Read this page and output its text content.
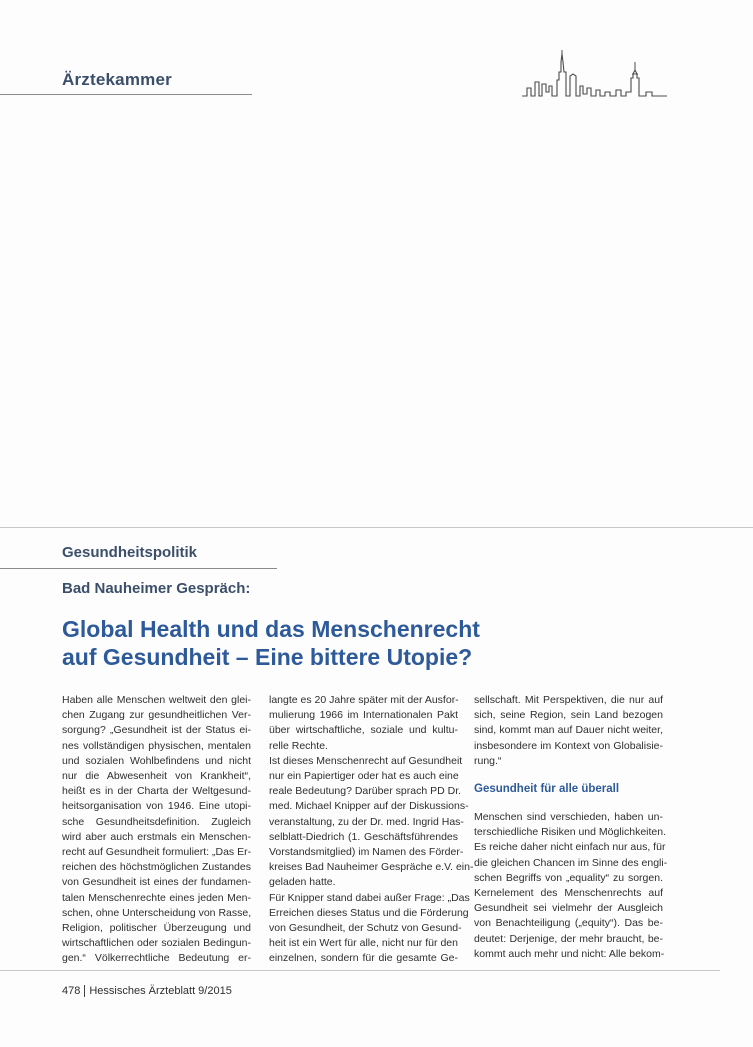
Ärztekammer
Gesundheitspolitik
Bad Nauheimer Gespräch:
Global Health und das Menschenrecht
auf Gesundheit – Eine bittere Utopie?
Haben alle Menschen weltweit den glei-
chen Zugang zur gesundheitlichen Ver-
sorgung? „Gesundheit ist der Status ei-
nes vollständigen physischen, mentalen
und sozialen Wohlbefindens und nicht
nur die Abwesenheit von Krankheit“,
heißt es in der Charta der Weltgesund-
heitsorganisation von 1946. Eine utopi-
sche Gesundheitsdefinition. Zugleich
wird aber auch erstmals ein Menschen-
recht auf Gesundheit formuliert: „Das Er-
reichen des höchstmöglichen Zustandes
von Gesundheit ist eines der fundamen-
talen Menschenrechte eines jeden Men-
schen, ohne Unterscheidung von Rasse,
Religion, politischer Überzeugung und
wirtschaftlichen oder sozialen Bedingun-
gen.“ Völkerrechtliche Bedeutung er-
langte es 20 Jahre später mit der Ausfor-
mulierung 1966 im Internationalen Pakt
über wirtschaftliche, soziale und kultu-
relle Rechte.
Ist dieses Menschenrecht auf Gesundheit
nur ein Papiertiger oder hat es auch eine
reale Bedeutung? Darüber sprach PD Dr.
med. Michael Knipper auf der Diskussions-
veranstaltung, zu der Dr. med. Ingrid Has-
selblatt-Diedrich (1. Geschäftsführendes
Vorstandsmitglied) im Namen des Förder-
kreises Bad Nauheimer Gespräche e.V. ein-
geladen hatte.
Für Knipper stand dabei außer Frage: „Das
Erreichen dieses Status und die Förderung
von Gesundheit, der Schutz von Gesund-
heit ist ein Wert für alle, nicht nur für den
einzelnen, sondern für die gesamte Ge-
sellschaft. Mit Perspektiven, die nur auf
sich, seine Region, sein Land bezogen
sind, kommt man auf Dauer nicht weiter,
insbesondere im Kontext von Globalisie-
rung.“
Gesundheit für alle überall
Menschen sind verschieden, haben un-
terschiedliche Risiken und Möglichkeiten.
Es reiche daher nicht einfach nur aus, für
die gleichen Chancen im Sinne des engli-
schen Begriffs von „equality“ zu sorgen.
Kernelement des Menschenrechts auf
Gesundheit sei vielmehr der Ausgleich
von Benachteiligung („equity“). Das be-
deutet: Derjenige, der mehr braucht, be-
kommt auch mehr und nicht: Alle bekom-
478 Hessisches Ärzteblatt 9/2015
